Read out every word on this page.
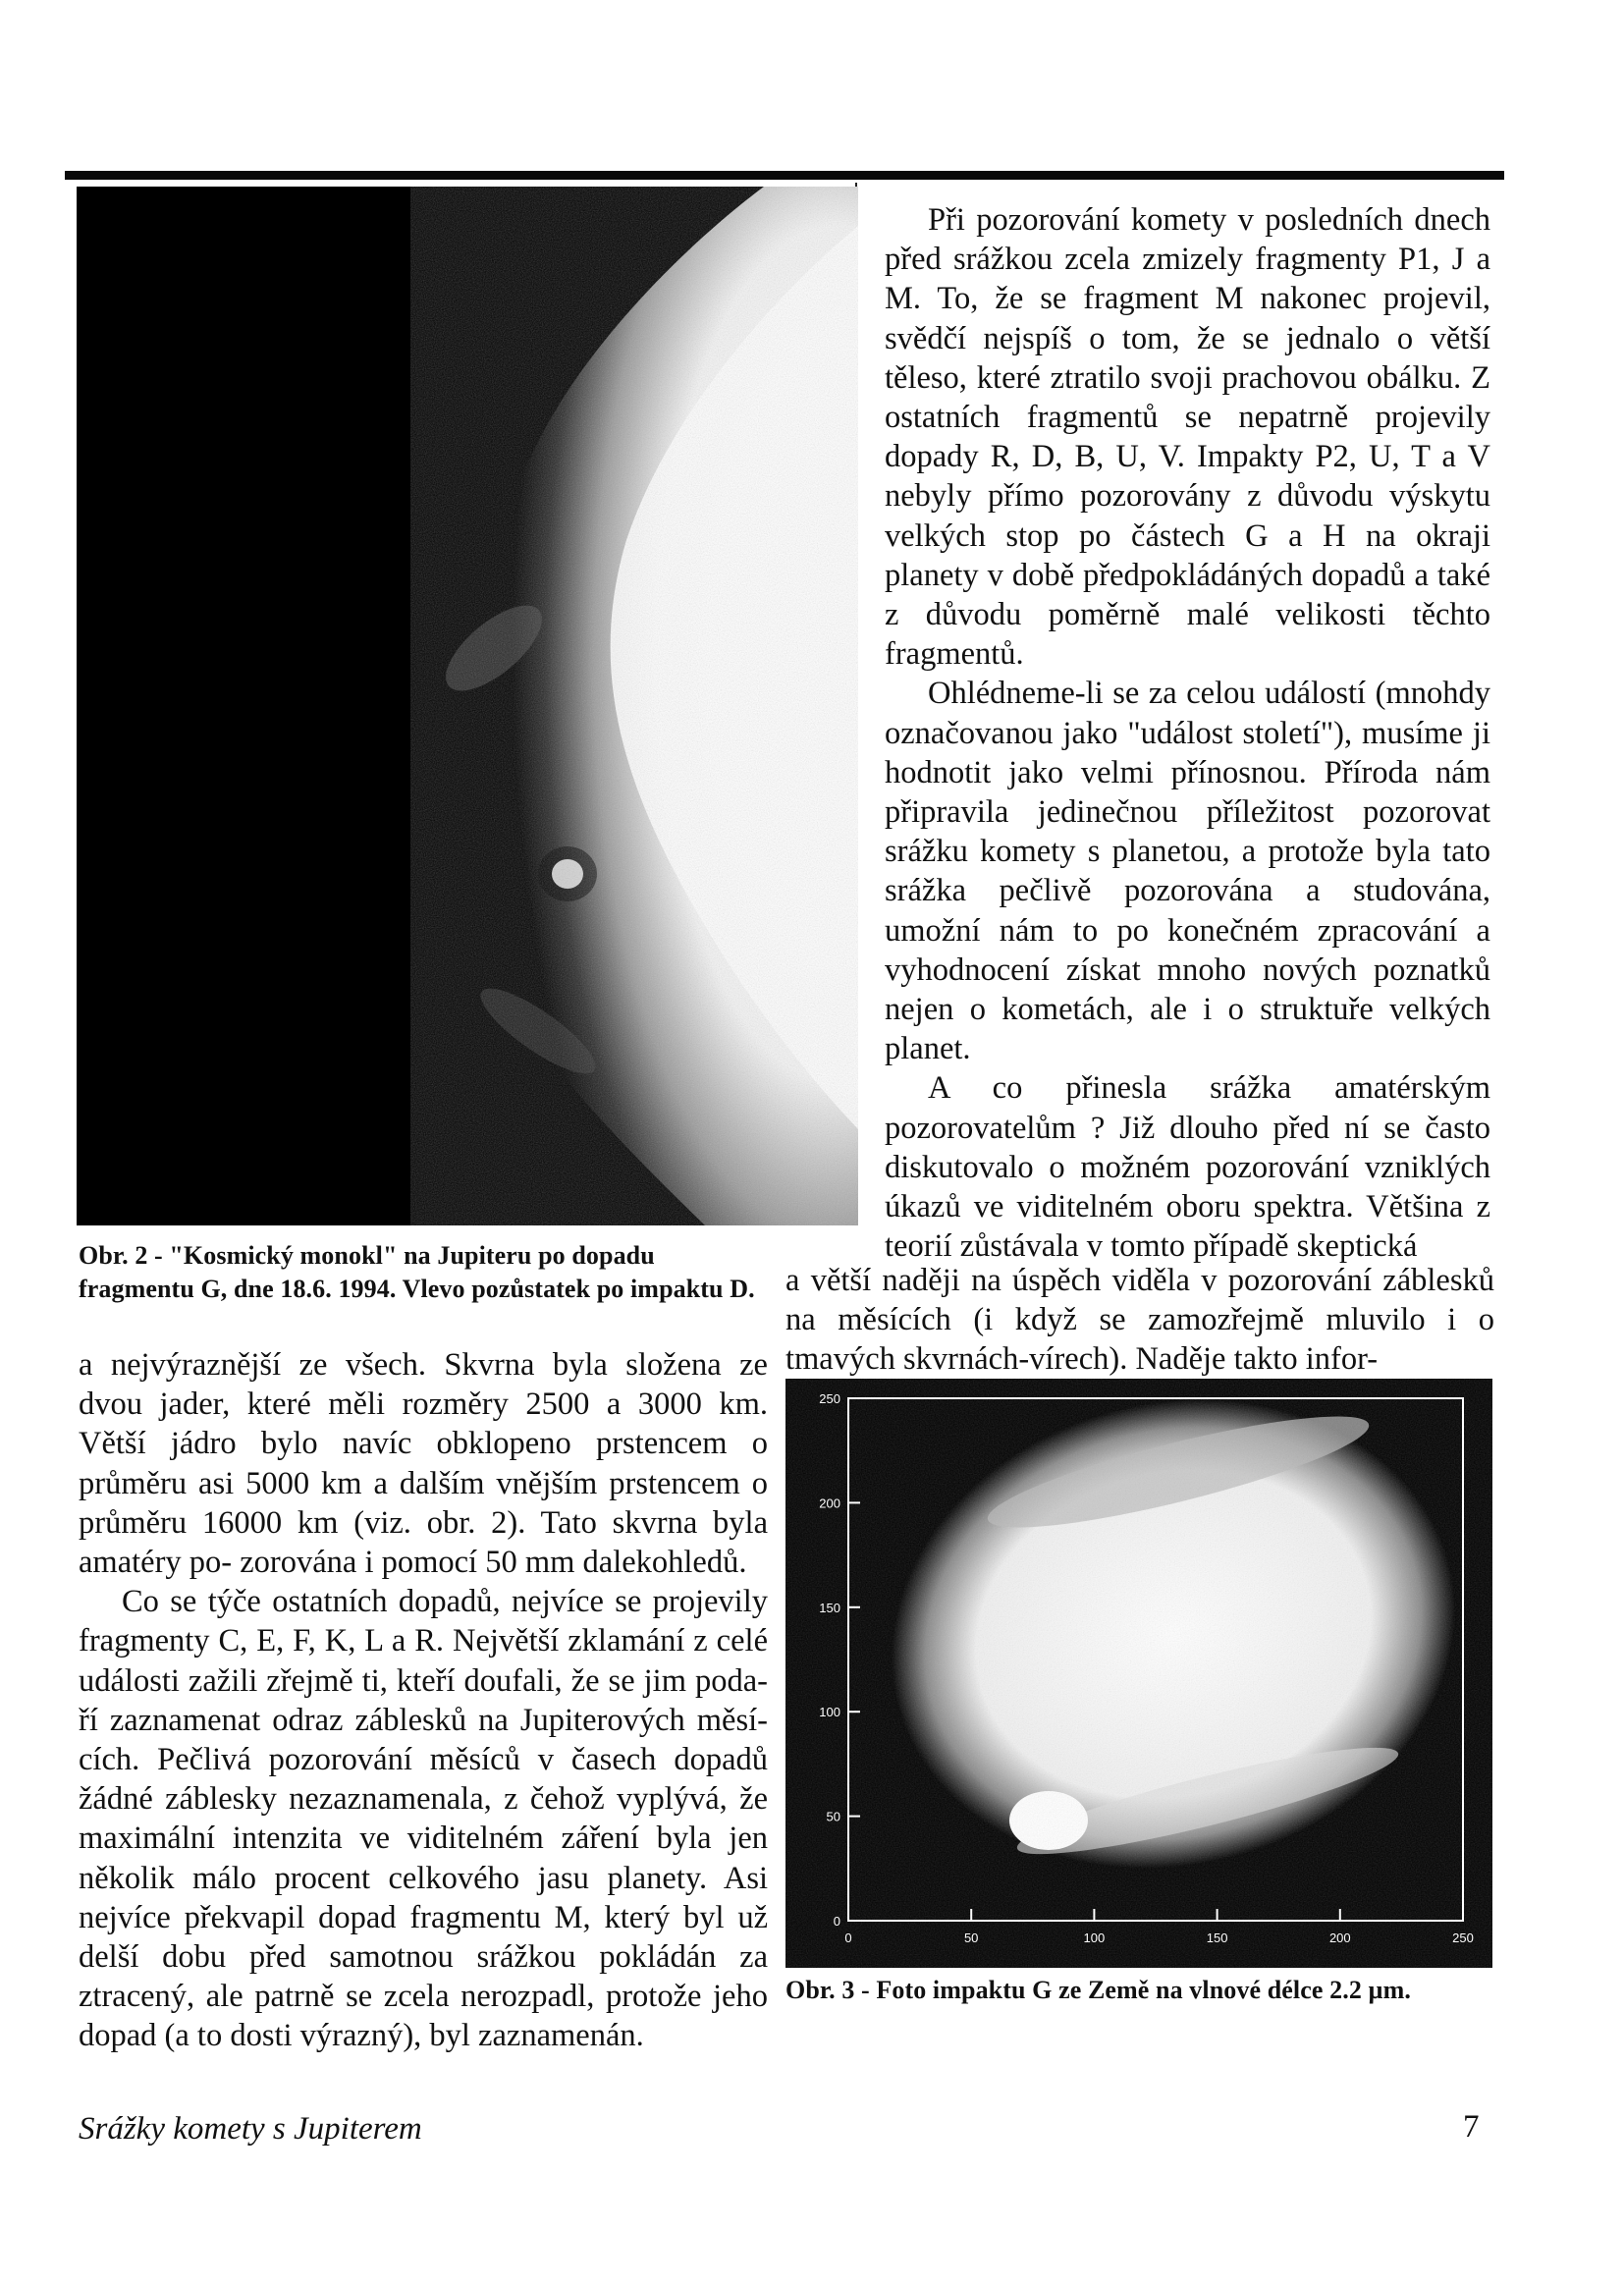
Obr. 2 - "Kosmický monokl" na Jupiteru po dopadu fragmentu G, dne 18.6. 1994. Vlevo pozůstatek po impaktu D.

Při pozorování komety v posledních dnech před srážkou zcela zmizely fragmenty P1, J a M. To, že se fragment M nakonec projevil, svědčí nejspíš o tom, že se jednalo o větší těleso, které ztratilo svoji prachovou obálku. Z ostatních fragmentů se nepatrně projevily dopady R, D, B, U, V. Impakty P2, U, T a V nebyly přímo pozorovány z důvodu výskytu velkých stop po částech G a H na okraji planety v době předpokládáných dopadů a také z důvodu poměrně malé velikosti těchto fragmentů.

Ohlédneme-li se za celou událostí (mnohdy označovanou jako "událost století"), musíme ji hodnotit jako velmi přínosnou. Příroda nám připravila jedinečnou příležitost pozorovat srážku komety s planetou, a protože byla tato srážka pečlivě pozorována a studována, umožní nám to po konečném zpracování a vyhodnocení získat mnoho nových poznatků nejen o kometách, ale i o struktuře velkých planet.

A co přinesla srážka amatérským pozorovatelům ? Již dlouho před ní se často diskutovalo o možném pozorování vzniklých úkazů ve viditelném oboru spektra. Většina z teorií zůstávala v tomto případě skeptická

a větší naději na úspěch viděla v pozorování záblesků na měsících (i když se zamozřejmě mluvilo i o tmavých skvrnách-vírech). Naděje takto infor-

a nejvýraznější ze všech. Skvrna byla složena ze dvou jader, které měli rozměry 2500 a 3000 km. Větší jádro bylo navíc obklopeno prstencem o průměru asi 5000 km a dalším vnějším prstencem o průměru 16000 km (viz. obr. 2). Tato skvrna byla amatéry po- zorována i pomocí 50 mm dalekohledů.

Co se týče ostatních dopadů, nejvíce se projevily fragmenty C, E, F, K, L a R. Největší zklamání z celé události zažili zřejmě ti, kteří doufali, že se jim poda- ří zaznamenat odraz záblesků na Jupiterových měsí- cích. Pečlivá pozorování měsíců v časech dopadů žádné záblesky nezaznamenala, z čehož vyplývá, že maximální intenzita ve viditelném záření byla jen několik málo procent celkového jasu planety. Asi nejvíce překvapil dopad fragmentu M, který byl už delší dobu před samotnou srážkou pokládán za ztracený, ale patrně se zcela nerozpadl, protože jeho dopad (a to dosti výrazný), byl zaznamenán.

250
200
150
100
50
0
0	50	100	150	200	250
Obr. 3 - Foto impaktu G ze Země na vlnové délce 2.2 µm.
Srážky komety s Jupiterem	7
